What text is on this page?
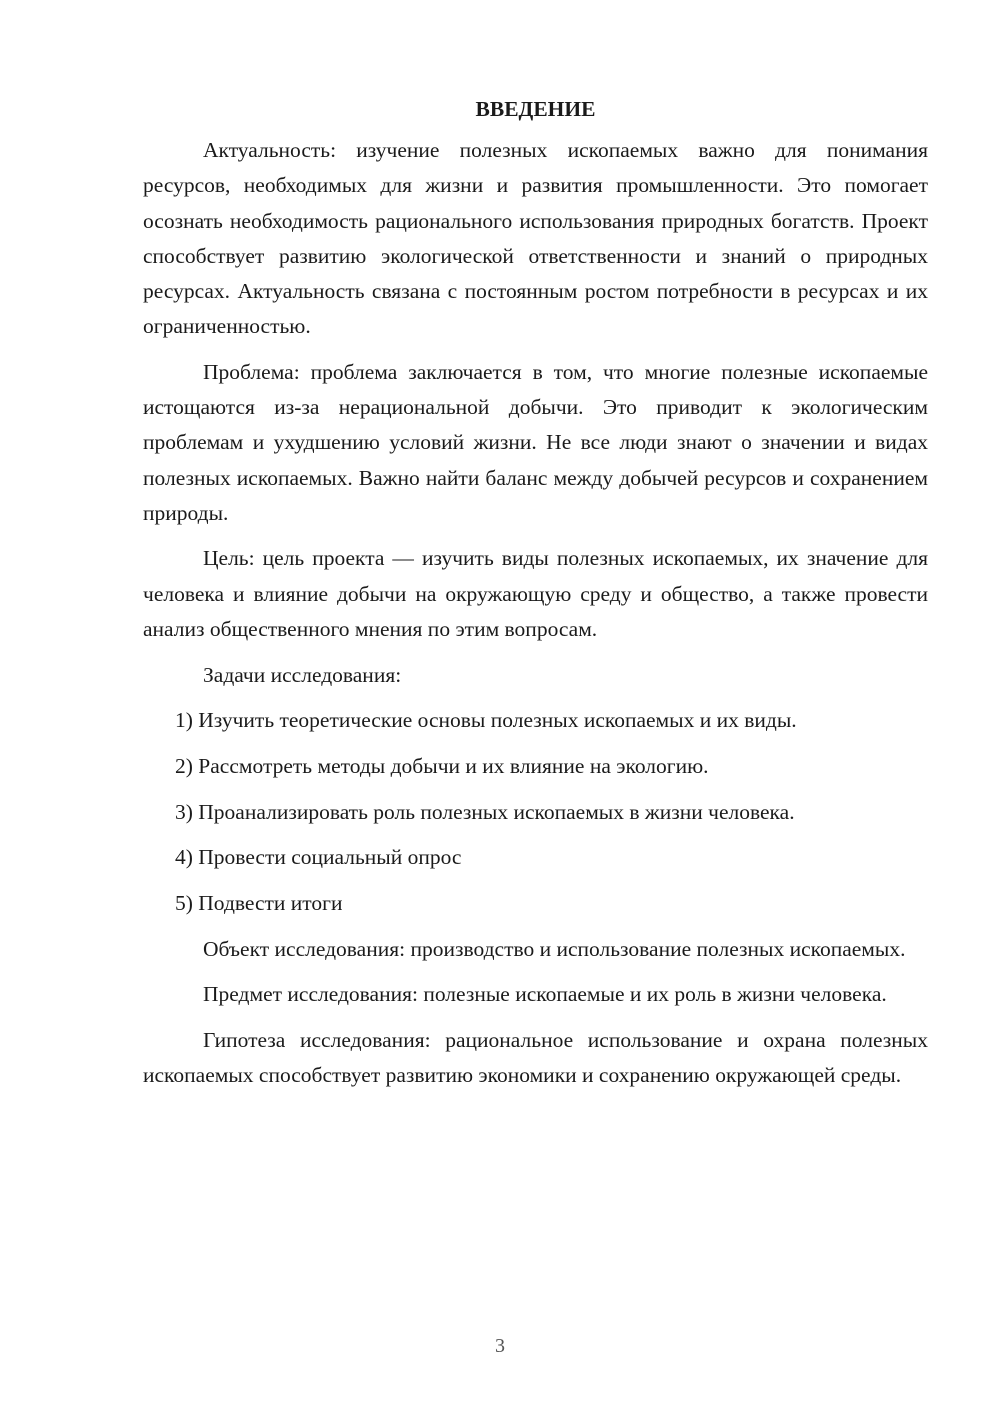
ВВЕДЕНИЕ

Актуальность: изучение полезных ископаемых важно для понимания ресурсов, необходимых для жизни и развития промышленности. Это помогает осознать необходимость рационального использования природных богатств. Проект способствует развитию экологической ответственности и знаний о природных ресурсах. Актуальность связана с постоянным ростом потребности в ресурсах и их ограниченностью.

Проблема: проблема заключается в том, что многие полезные ископаемые истощаются из-за нерациональной добычи. Это приводит к экологическим проблемам и ухудшению условий жизни. Не все люди знают о значении и видах полезных ископаемых. Важно найти баланс между добычей ресурсов и сохранением природы.

Цель: цель проекта — изучить виды полезных ископаемых, их значение для человека и влияние добычи на окружающую среду и общество, а также провести анализ общественного мнения по этим вопросам.

Задачи исследования:

1) Изучить теоретические основы полезных ископаемых и их виды.

2) Рассмотреть методы добычи и их влияние на экологию.

3) Проанализировать роль полезных ископаемых в жизни человека.

4) Провести социальный опрос

5) Подвести итоги

Объект исследования: производство и использование полезных ископаемых.

Предмет исследования: полезные ископаемые и их роль в жизни человека.

Гипотеза исследования: рациональное использование и охрана полезных ископаемых способствует развитию экономики и сохранению окружающей среды.

3
